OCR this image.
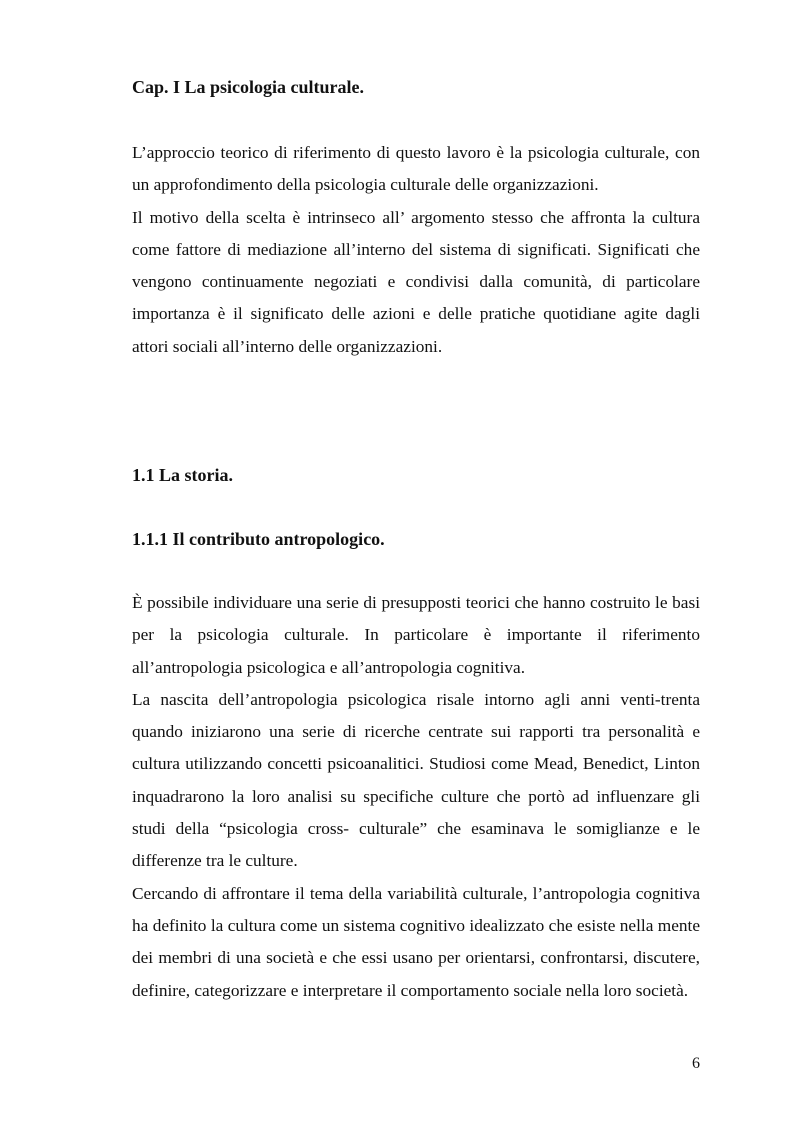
Cap. I La psicologia culturale.

L’approccio teorico di riferimento di questo lavoro è la psicologia culturale, con un approfondimento della psicologia culturale delle organizzazioni.

Il motivo della scelta è intrinseco all’ argomento stesso che affronta la cultura come fattore di mediazione all’interno del sistema di significati. Significati che vengono continuamente negoziati e condivisi dalla comunità, di particolare importanza è il significato delle azioni e delle pratiche quotidiane agite dagli attori sociali all’interno delle organizzazioni.

1.1 La storia.

1.1.1 Il contributo antropologico.

È possibile individuare una serie di presupposti teorici che hanno costruito le basi per la psicologia culturale. In particolare è importante il riferimento all’antropologia psicologica e all’antropologia cognitiva.

La nascita dell’antropologia psicologica risale intorno agli anni venti-trenta quando iniziarono una serie di ricerche centrate sui rapporti tra personalità e cultura utilizzando concetti psicoanalitici. Studiosi come Mead, Benedict, Linton inquadrarono la loro analisi su specifiche culture che portò ad influenzare gli studi della “psicologia cross- culturale” che esaminava le somiglianze e le differenze tra le culture.

Cercando di affrontare il tema della variabilità culturale, l’antropologia cognitiva ha definito la cultura come un sistema cognitivo idealizzato che esiste nella mente dei membri di una società e che essi usano per orientarsi, confrontarsi, discutere, definire, categorizzare e interpretare il comportamento sociale nella loro società.

6
